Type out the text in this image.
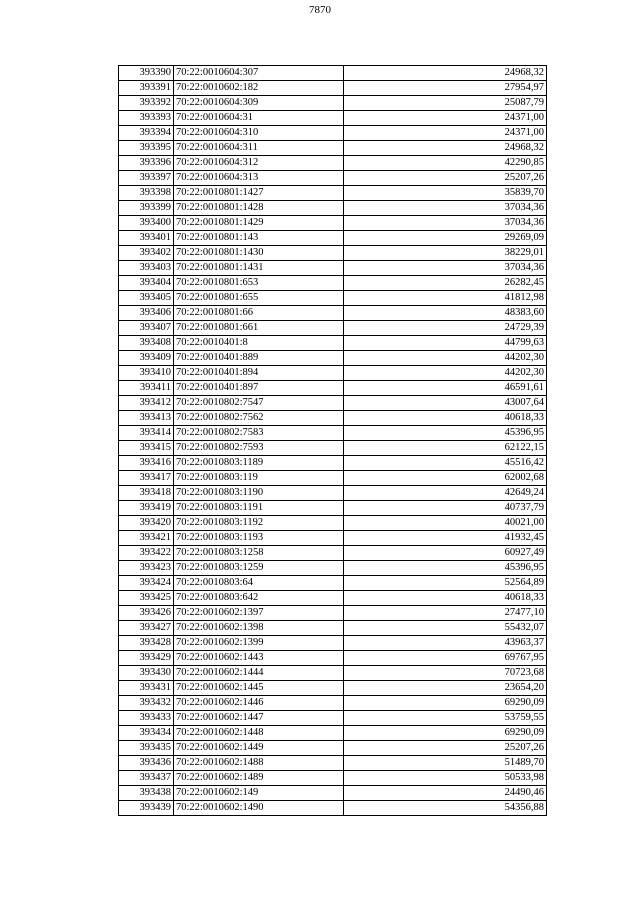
7870
393390	70:22:0010604:307	24968,32
393391	70:22:0010602:182	27954,97
393392	70:22:0010604:309	25087,79
393393	70:22:0010604:31	24371,00
393394	70:22:0010604:310	24371,00
393395	70:22:0010604:311	24968,32
393396	70:22:0010604:312	42290,85
393397	70:22:0010604:313	25207,26
393398	70:22:0010801:1427	35839,70
393399	70:22:0010801:1428	37034,36
393400	70:22:0010801:1429	37034,36
393401	70:22:0010801:143	29269,09
393402	70:22:0010801:1430	38229,01
393403	70:22:0010801:1431	37034,36
393404	70:22:0010801:653	26282,45
393405	70:22:0010801:655	41812,98
393406	70:22:0010801:66	48383,60
393407	70:22:0010801:661	24729,39
393408	70:22:0010401:8	44799,63
393409	70:22:0010401:889	44202,30
393410	70:22:0010401:894	44202,30
393411	70:22:0010401:897	46591,61
393412	70:22:0010802:7547	43007,64
393413	70:22:0010802:7562	40618,33
393414	70:22:0010802:7583	45396,95
393415	70:22:0010802:7593	62122,15
393416	70:22:0010803:1189	45516,42
393417	70:22:0010803:119	62002,68
393418	70:22:0010803:1190	42649,24
393419	70:22:0010803:1191	40737,79
393420	70:22:0010803:1192	40021,00
393421	70:22:0010803:1193	41932,45
393422	70:22:0010803:1258	60927,49
393423	70:22:0010803:1259	45396,95
393424	70:22:0010803:64	52564,89
393425	70:22:0010803:642	40618,33
393426	70:22:0010602:1397	27477,10
393427	70:22:0010602:1398	55432,07
393428	70:22:0010602:1399	43963,37
393429	70:22:0010602:1443	69767,95
393430	70:22:0010602:1444	70723,68
393431	70:22:0010602:1445	23654,20
393432	70:22:0010602:1446	69290,09
393433	70:22:0010602:1447	53759,55
393434	70:22:0010602:1448	69290,09
393435	70:22:0010602:1449	25207,26
393436	70:22:0010602:1488	51489,70
393437	70:22:0010602:1489	50533,98
393438	70:22:0010602:149	24490,46
393439	70:22:0010602:1490	54356,88
